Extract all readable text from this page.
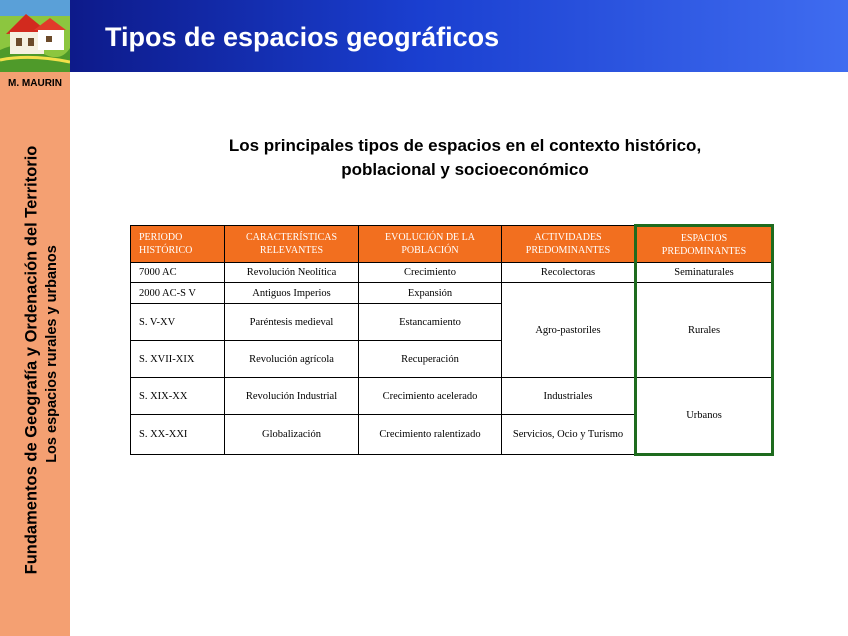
Tipos de espacios geográficos
M. MAURIN
Fundamentos de Geografía y Ordenación del Territorio Los espacios rurales y urbanos
Los principales tipos de espacios en el contexto histórico, poblacional y socioeconómico
PERIODO HISTÓRICO	CARACTERÍSTICAS RELEVANTES	EVOLUCIÓN DE LA POBLACIÓN	ACTIVIDADES PREDOMINANTES	ESPACIOS PREDOMINANTES
7000 AC	Revolución Neolítica	Crecimiento	Recolectoras	Seminaturales
2000 AC-S V	Antiguos Imperios	Expansión	Agro-pastoriles	Rurales
S. V-XV	Paréntesis medieval	Estancamiento		
S. XVII-XIX	Revolución agrícola	Recuperación		
S. XIX-XX	Revolución Industrial	Crecimiento acelerado	Industriales	Urbanos
S. XX-XXI	Globalización	Crecimiento ralentizado	Servicios, Ocio y Turismo	
